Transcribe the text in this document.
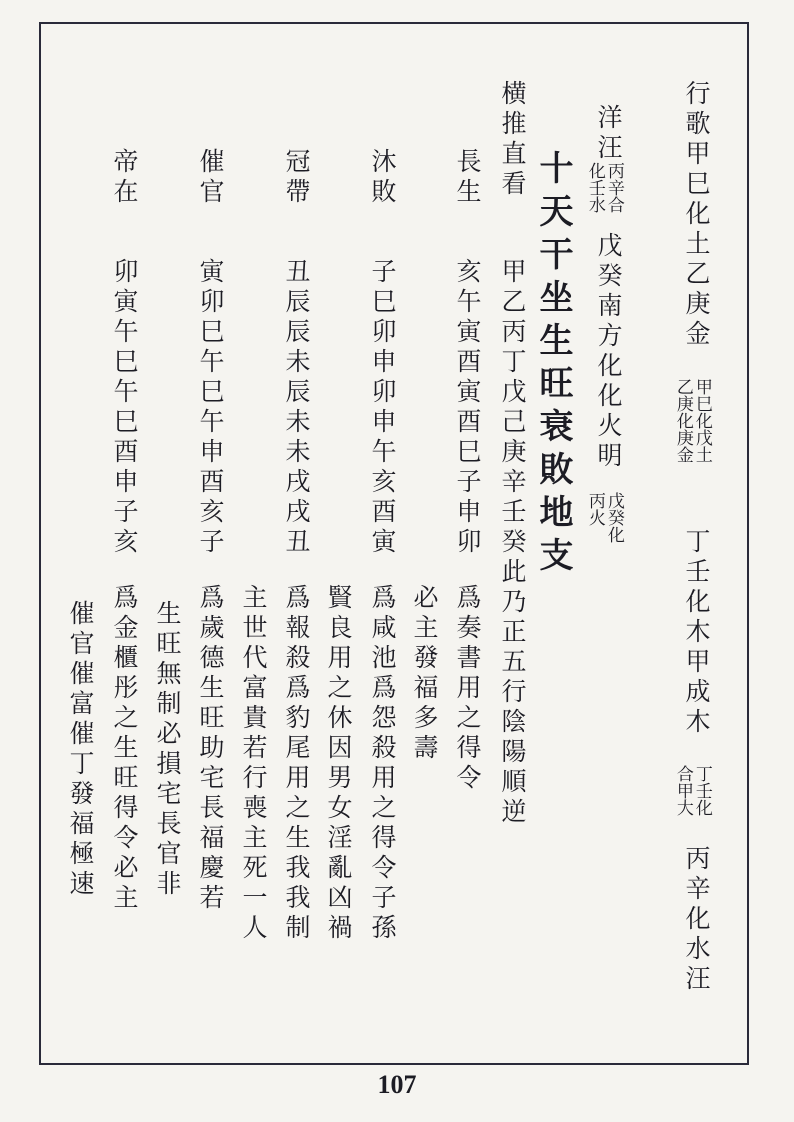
行歌甲巳化土乙庚金
甲巳化戊土
乙庚化庚金
丁壬化木甲成木
丁壬化
合甲大
丙辛化水汪
洋汪
丙辛合
化壬水
戊癸南方化化火明
戊癸化
丙火
十天干坐生旺衰敗地支
横推直看
甲乙丙丁戊己庚辛壬癸此乃正五行陰陽順逆
長生
亥午寅酉寅酉巳子申卯
爲奏書用之得令
必主發福多壽
沐敗
子巳卯申卯申午亥酉寅
爲咸池爲怨殺用之得令子孫
賢良用之休因男女淫亂凶禍
冠帶
丑辰辰未辰未未戌戌丑
爲報殺爲豹尾用之生我我制
主世代富貴若行喪主死一人
催官
寅卯巳午巳午申酉亥子
爲歲德生旺助宅長福慶若
生旺無制必損宅長官非
帝在
卯寅午巳午巳酉申子亥
爲金櫃彤之生旺得令必主
催官催富催丁發福極速
107
